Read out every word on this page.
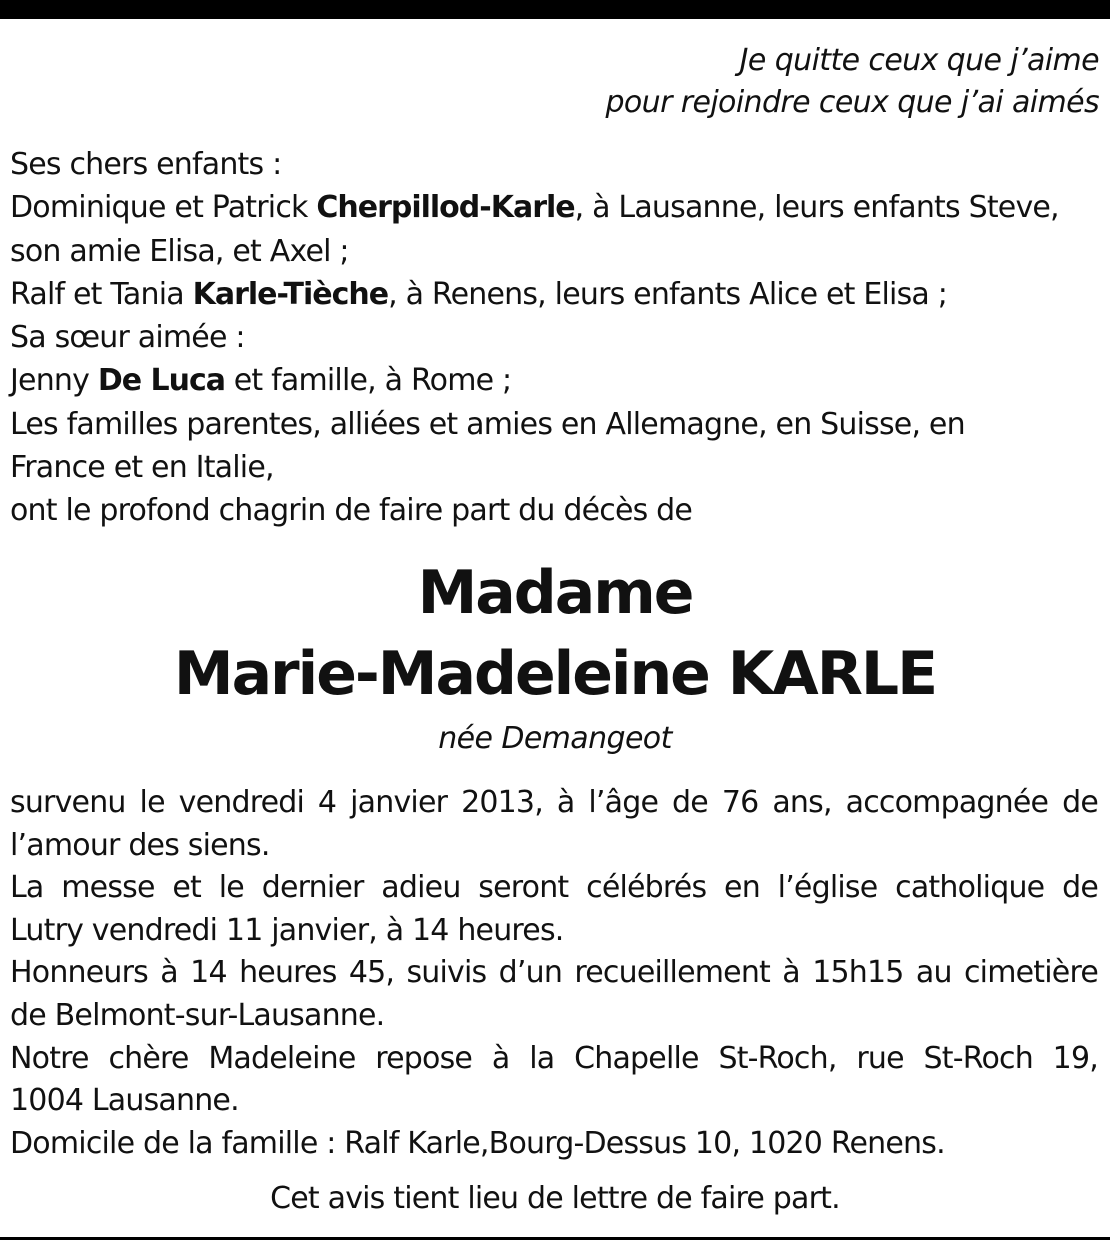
Je quitte ceux que j’aime
pour rejoindre ceux que j’ai aimés
Ses chers enfants :
Dominique et Patrick Cherpillod-Karle, à Lausanne, leurs enfants Steve,
son amie Elisa, et Axel ;
Ralf et Tania Karle-Tièche, à Renens, leurs enfants Alice et Elisa ;
Sa sœur aimée :
Jenny De Luca et famille, à Rome ;
Les familles parentes, alliées et amies en Allemagne, en Suisse, en
France et en Italie,
ont le profond chagrin de faire part du décès de
Madame
Marie-Madeleine KARLE
née Demangeot
survenu le vendredi 4 janvier 2013, à l’âge de 76 ans, accompagnée de
l’amour des siens.
La messe et le dernier adieu seront célébrés en l’église catholique de
Lutry vendredi 11 janvier, à 14 heures.
Honneurs à 14 heures 45, suivis d’un recueillement à 15h15 au cimetière
de Belmont-sur-Lausanne.
Notre chère Madeleine repose à la Chapelle St-Roch, rue St-Roch 19,
1004 Lausanne.
Domicile de la famille : Ralf Karle,Bourg-Dessus 10, 1020 Renens.
Cet avis tient lieu de lettre de faire part.
